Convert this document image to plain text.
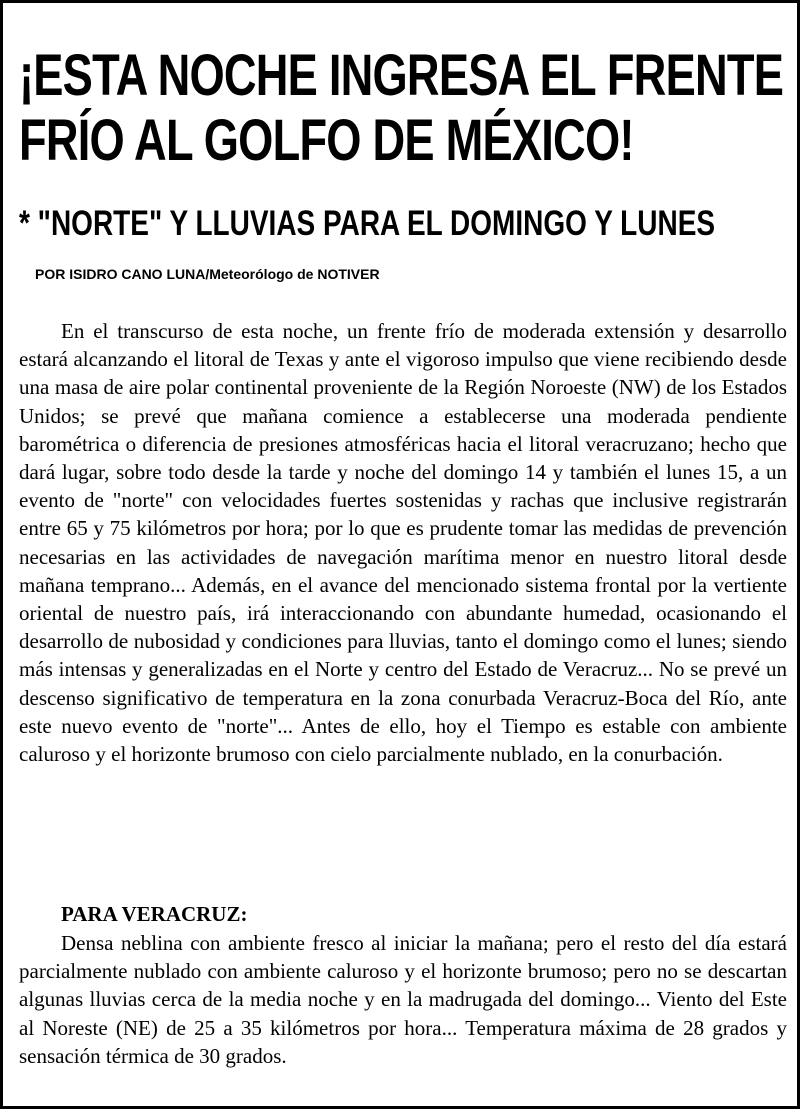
¡ESTA NOCHE INGRESA EL FRENTE
FRÍO AL GOLFO DE MÉXICO!
* "NORTE" Y LLUVIAS PARA EL DOMINGO Y LUNES
POR ISIDRO CANO LUNA/Meteorólogo de NOTIVER

En el transcurso de esta noche, un frente frío de moderada extensión y desarrollo estará alcanzando el litoral de Texas y ante el vigoroso impulso que viene recibiendo desde una masa de aire polar continental proveniente de la Región Noroeste (NW) de los Estados Unidos; se prevé que mañana comience a establecerse una moderada pendiente barométrica o diferencia de presiones atmosféricas hacia el litoral veracruzano; hecho que dará lugar, sobre todo desde la tarde y noche del domingo 14 y también el lunes 15, a un evento de "norte" con velocidades fuertes sostenidas y rachas que inclusive registrarán entre 65 y 75 kilómetros por hora; por lo que es prudente tomar las medidas de prevención necesarias en las actividades de navegación marítima menor en nuestro litoral desde mañana temprano... Además, en el avance del mencionado sistema frontal por la vertiente oriental de nuestro país, irá interaccionando con abundante humedad, ocasionando el desarrollo de nubosidad y condiciones para lluvias, tanto el domingo como el lunes; siendo más intensas y generalizadas en el Norte y centro del Estado de Veracruz... No se prevé un descenso significativo de temperatura en la zona conurbada Veracruz-Boca del Río, ante este nuevo evento de "norte"... Antes de ello, hoy el Tiempo es estable con ambiente caluroso y el horizonte brumoso con cielo parcialmente nublado, en la conurbación.

PARA VERACRUZ:

Densa neblina con ambiente fresco al iniciar la mañana; pero el resto del día estará parcialmente nublado con ambiente caluroso y el horizonte brumoso; pero no se descartan algunas lluvias cerca de la media noche y en la madrugada del domingo... Viento del Este al Noreste (NE) de 25 a 35 kilómetros por hora... Temperatura máxima de 28 grados y sensación térmica de 30 grados.
